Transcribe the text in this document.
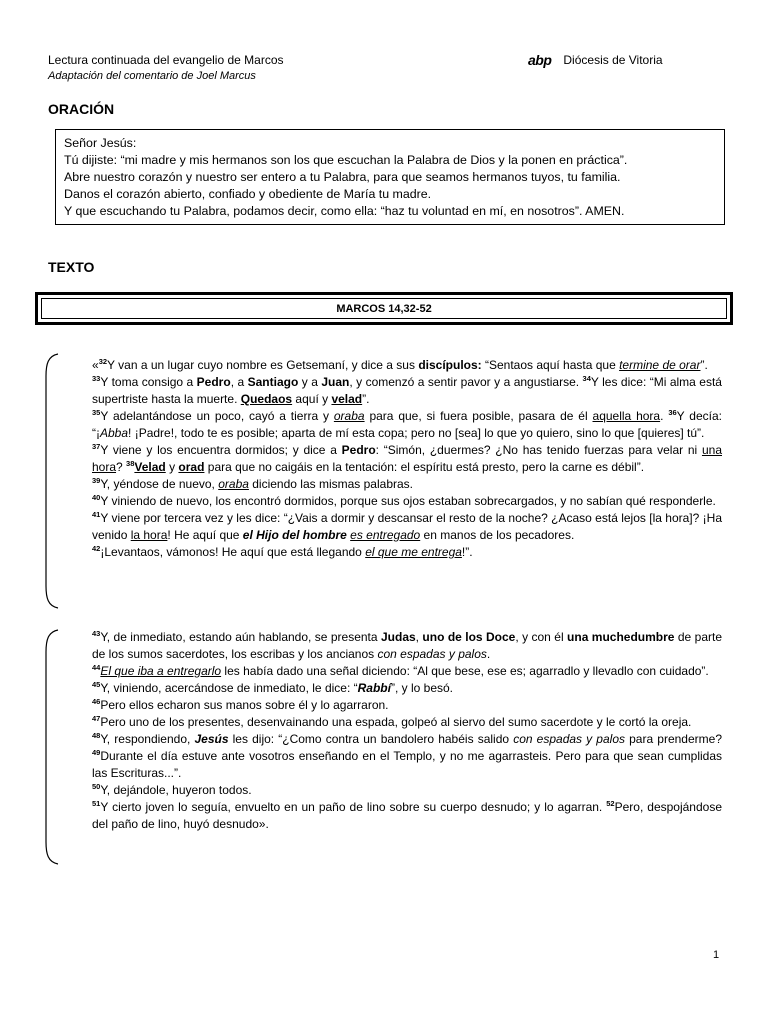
Lectura continuada del evangelio de Marcos
Adaptación del comentario de Joel Marcus
abp Diócesis de Vitoria
ORACIÓN
Señor Jesús:
Tú dijiste: “mi madre y mis hermanos son los que escuchan la Palabra de Dios y la ponen en práctica”.
Abre nuestro corazón y nuestro ser entero a tu Palabra, para que seamos hermanos tuyos, tu familia.
Danos el corazón abierto, confiado y obediente de María tu madre.
Y que escuchando tu Palabra, podamos decir, como ella: “haz tu voluntad en mí, en nosotros”. AMEN.
TEXTO
MARCOS 14,32-52

«$^{32}$Y van a un lugar cuyo nombre es Getsemaní, y dice a sus discípulos: “Sentaos aquí hasta que termine de orar”.

$^{33}$Y toma consigo a Pedro, a Santiago y a Juan, y comenzó a sentir pavor y a angustiarse. $^{34}$Y les dice: “Mi alma está supertriste hasta la muerte. Quedaos aquí y velad”.

$^{35}$Y adelantándose un poco, cayó a tierra y oraba para que, si fuera posible, pasara de él aquella hora. $^{36}$Y decía: “¡Abba! ¡Padre!, todo te es posible; aparta de mí esta copa; pero no [sea] lo que yo quiero, sino lo que [quieres] tú”.

$^{37}$Y viene y los encuentra dormidos; y dice a Pedro: “Simón, ¿duermes? ¿No has tenido fuerzas para velar ni una hora? $^{38}$Velad y orad para que no caigáis en la tentación: el espíritu está presto, pero la carne es débil”.

$^{39}$Y, yéndose de nuevo, oraba diciendo las mismas palabras.

$^{40}$Y viniendo de nuevo, los encontró dormidos, porque sus ojos estaban sobrecargados, y no sabían qué responderle.

$^{41}$Y viene por tercera vez y les dice: “¿Vais a dormir y descansar el resto de la noche? ¿Acaso está lejos [la hora]? ¡Ha venido la hora! He aquí que el Hijo del hombre es entregado en manos de los pecadores.

$^{42}$¡Levantaos, vámonos! He aquí que está llegando el que me entrega!”.

$^{43}$Y, de inmediato, estando aún hablando, se presenta Judas, uno de los Doce, y con él una muchedumbre de parte de los sumos sacerdotes, los escribas y los ancianos con espadas y palos.

$^{44}$El que iba a entregarlo les había dado una señal diciendo: “Al que bese, ese es; agarradlo y llevadlo con cuidado”.

$^{45}$Y, viniendo, acercándose de inmediato, le dice: “Rabbí”, y lo besó.

$^{46}$Pero ellos echaron sus manos sobre él y lo agarraron.

$^{47}$Pero uno de los presentes, desenvainando una espada, golpeó al siervo del sumo sacerdote y le cortó la oreja.

$^{48}$Y, respondiendo, Jesús les dijo: “¿Como contra un bandolero habéis salido con espadas y palos para prenderme? $^{49}$Durante el día estuve ante vosotros enseñando en el Templo, y no me agarrasteis. Pero para que sean cumplidas las Escrituras...”.

$^{50}$Y, dejándole, huyeron todos.

$^{51}$Y cierto joven lo seguía, envuelto en un paño de lino sobre su cuerpo desnudo; y lo agarran. $^{52}$Pero, despojándose del paño de lino, huyó desnudo».

1
